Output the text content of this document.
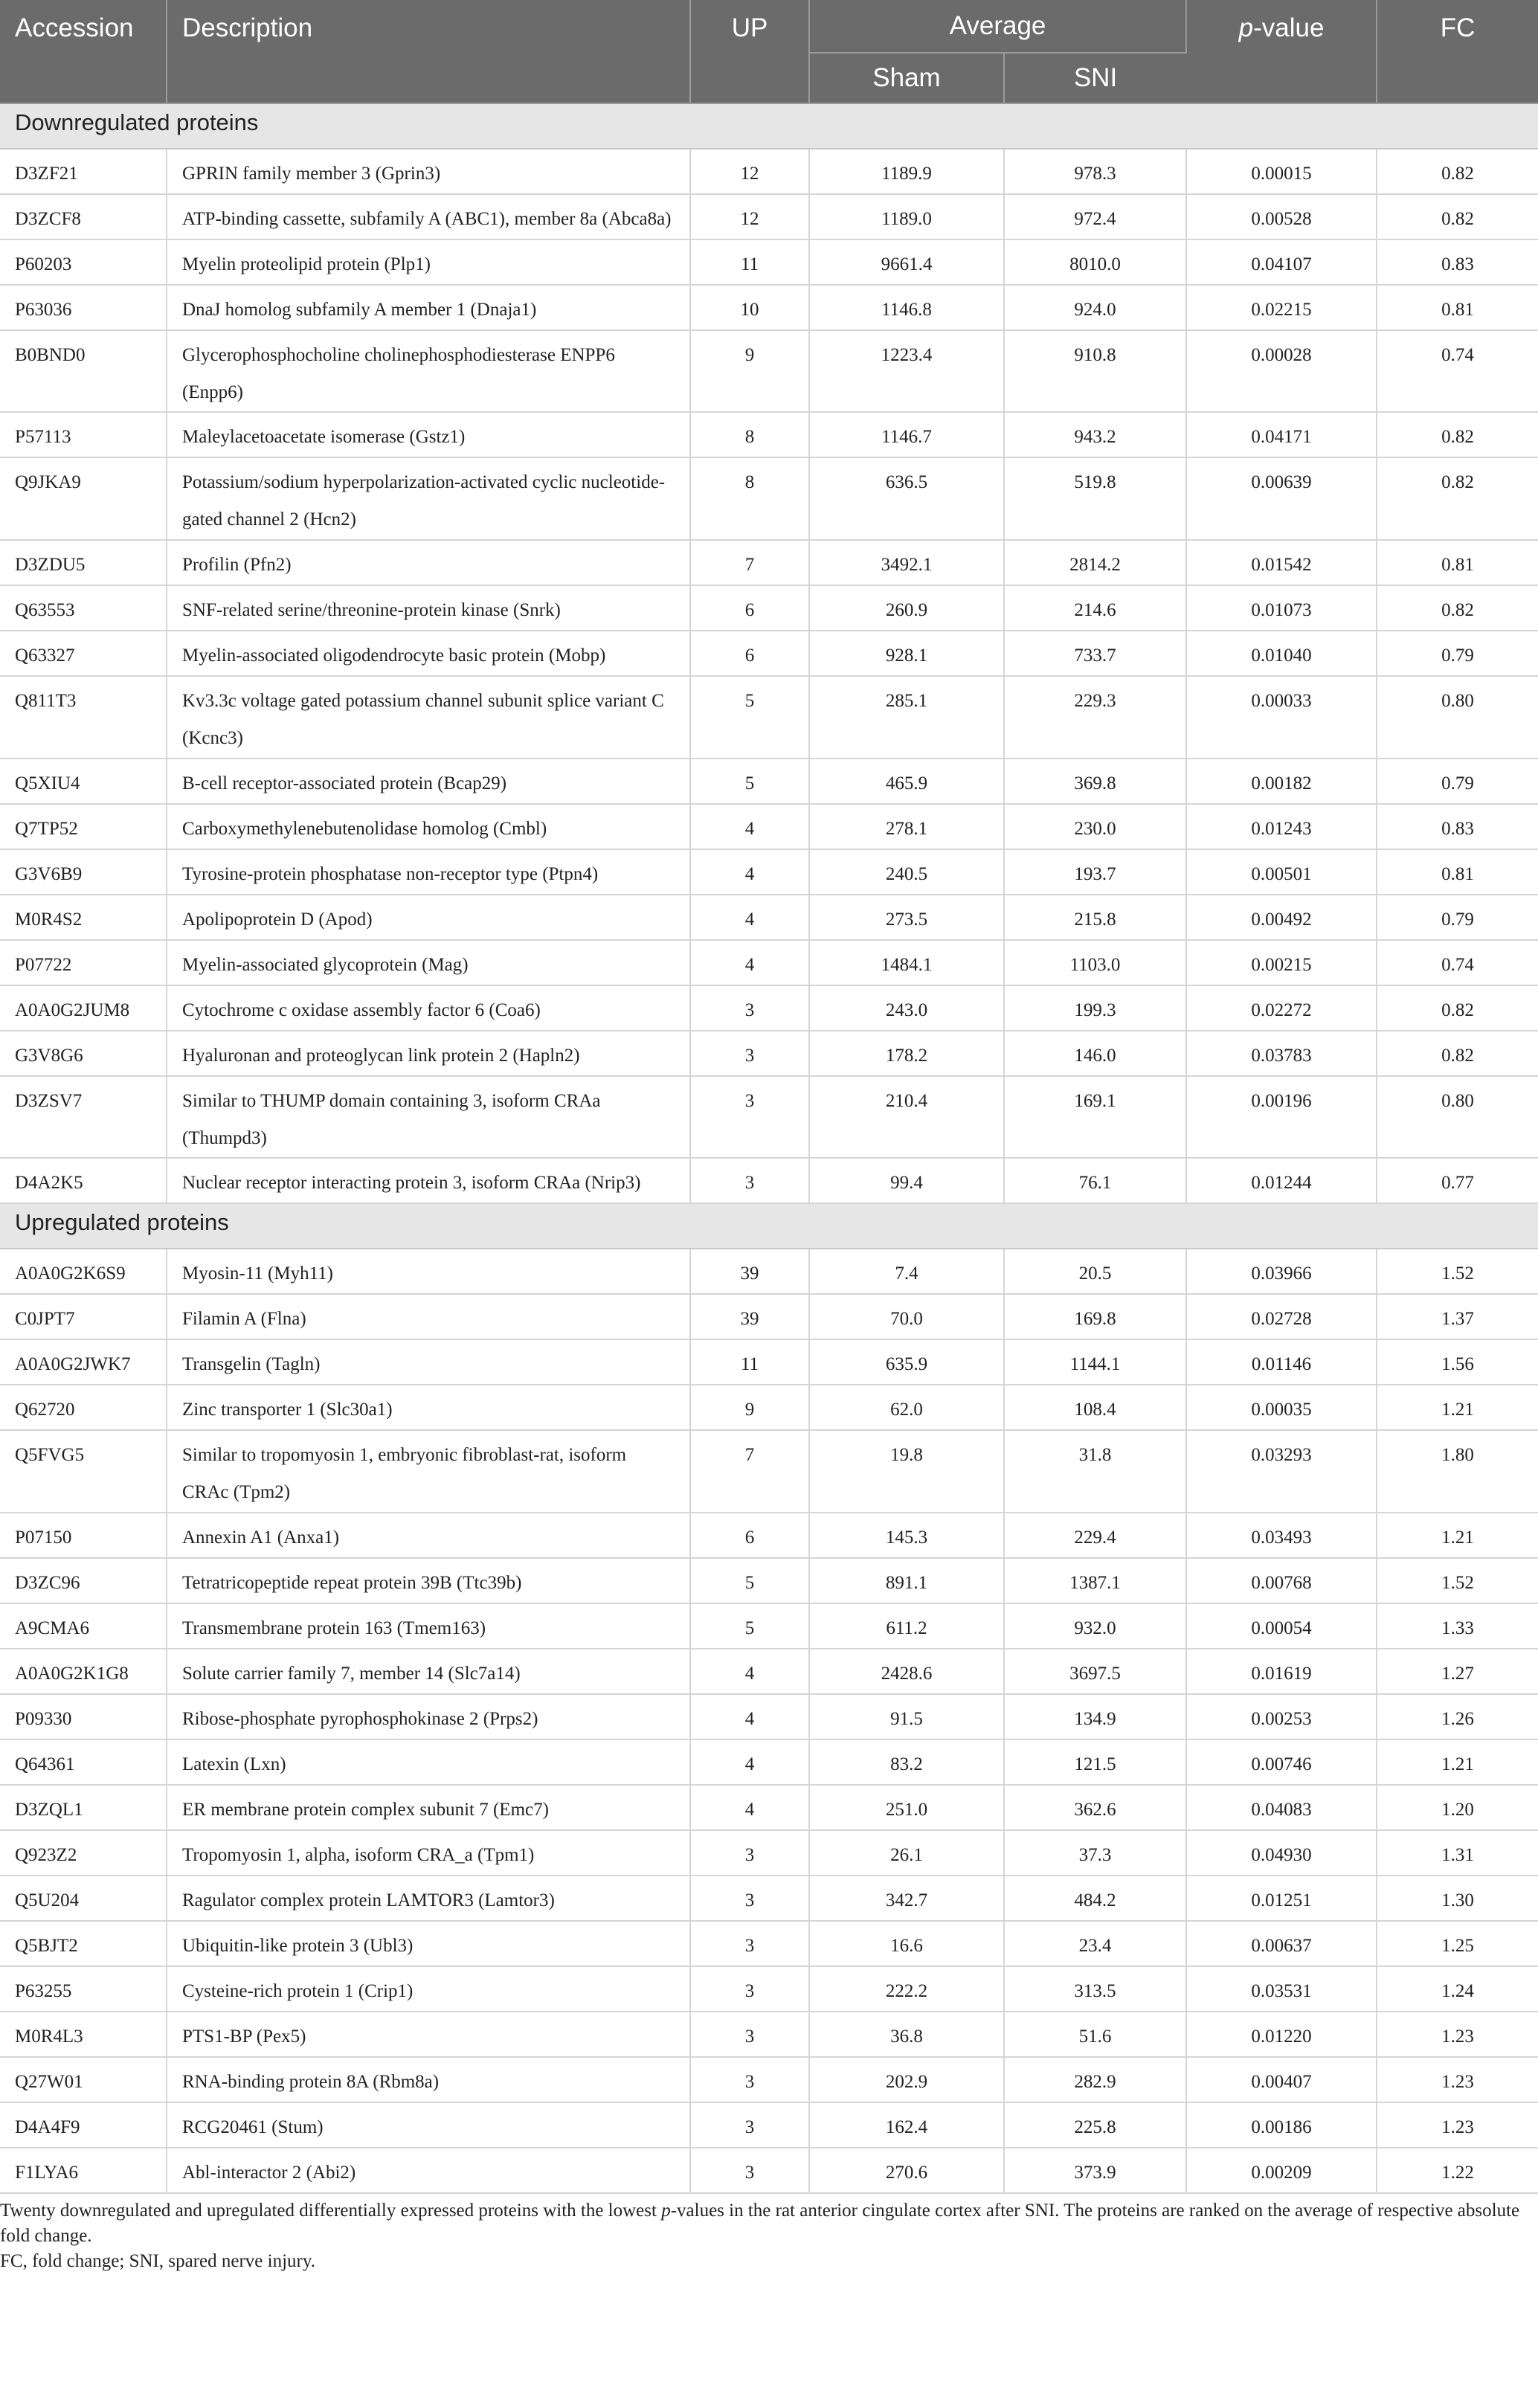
Accession	Description	UP	Average		p-value	FC
			Sham	SNI		
Downregulated proteins						
D3ZF21	GPRIN family member 3 (Gprin3)	12	1189.9	978.3	0.00015	0.82
D3ZCF8	ATP-binding cassette, subfamily A (ABC1), member 8a (Abca8a)	12	1189.0	972.4	0.00528	0.82
P60203	Myelin proteolipid protein (Plp1)	11	9661.4	8010.0	0.04107	0.83
P63036	DnaJ homolog subfamily A member 1 (Dnaja1)	10	1146.8	924.0	0.02215	0.81
B0BND0	Glycerophosphocholine cholinephosphodiesterase ENPP6 (Enpp6)	9	1223.4	910.8	0.00028	0.74
P57113	Maleylacetoacetate isomerase (Gstz1)	8	1146.7	943.2	0.04171	0.82
Q9JKA9	Potassium/sodium hyperpolarization-activated cyclic nucleotide-gated channel 2 (Hcn2)	8	636.5	519.8	0.00639	0.82
D3ZDU5	Profilin (Pfn2)	7	3492.1	2814.2	0.01542	0.81
Q63553	SNF-related serine/threonine-protein kinase (Snrk)	6	260.9	214.6	0.01073	0.82
Q63327	Myelin-associated oligodendrocyte basic protein (Mobp)	6	928.1	733.7	0.01040	0.79
Q811T3	Kv3.3c voltage gated potassium channel subunit splice variant C (Kcnc3)	5	285.1	229.3	0.00033	0.80
Q5XIU4	B-cell receptor-associated protein (Bcap29)	5	465.9	369.8	0.00182	0.79
Q7TP52	Carboxymethylenebutenolidase homolog (Cmbl)	4	278.1	230.0	0.01243	0.83
G3V6B9	Tyrosine-protein phosphatase non-receptor type (Ptpn4)	4	240.5	193.7	0.00501	0.81
M0R4S2	Apolipoprotein D (Apod)	4	273.5	215.8	0.00492	0.79
P07722	Myelin-associated glycoprotein (Mag)	4	1484.1	1103.0	0.00215	0.74
A0A0G2JUM8	Cytochrome c oxidase assembly factor 6 (Coa6)	3	243.0	199.3	0.02272	0.82
G3V8G6	Hyaluronan and proteoglycan link protein 2 (Hapln2)	3	178.2	146.0	0.03783	0.82
D3ZSV7	Similar to THUMP domain containing 3, isoform CRAa (Thumpd3)	3	210.4	169.1	0.00196	0.80
D4A2K5	Nuclear receptor interacting protein 3, isoform CRAa (Nrip3)	3	99.4	76.1	0.01244	0.77
Upregulated proteins						
A0A0G2K6S9	Myosin-11 (Myh11)	39	7.4	20.5	0.03966	1.52
C0JPT7	Filamin A (Flna)	39	70.0	169.8	0.02728	1.37
A0A0G2JWK7	Transgelin (Tagln)	11	635.9	1144.1	0.01146	1.56
Q62720	Zinc transporter 1 (Slc30a1)	9	62.0	108.4	0.00035	1.21
Q5FVG5	Similar to tropomyosin 1, embryonic fibroblast-rat, isoform CRAc (Tpm2)	7	19.8	31.8	0.03293	1.80
P07150	Annexin A1 (Anxa1)	6	145.3	229.4	0.03493	1.21
D3ZC96	Tetratricopeptide repeat protein 39B (Ttc39b)	5	891.1	1387.1	0.00768	1.52
A9CMA6	Transmembrane protein 163 (Tmem163)	5	611.2	932.0	0.00054	1.33
A0A0G2K1G8	Solute carrier family 7, member 14 (Slc7a14)	4	2428.6	3697.5	0.01619	1.27
P09330	Ribose-phosphate pyrophosphokinase 2 (Prps2)	4	91.5	134.9	0.00253	1.26
Q64361	Latexin (Lxn)	4	83.2	121.5	0.00746	1.21
D3ZQL1	ER membrane protein complex subunit 7 (Emc7)	4	251.0	362.6	0.04083	1.20
Q923Z2	Tropomyosin 1, alpha, isoform CRA_a (Tpm1)	3	26.1	37.3	0.04930	1.31
Q5U204	Ragulator complex protein LAMTOR3 (Lamtor3)	3	342.7	484.2	0.01251	1.30
Q5BJT2	Ubiquitin-like protein 3 (Ubl3)	3	16.6	23.4	0.00637	1.25
P63255	Cysteine-rich protein 1 (Crip1)	3	222.2	313.5	0.03531	1.24
M0R4L3	PTS1-BP (Pex5)	3	36.8	51.6	0.01220	1.23
Q27W01	RNA-binding protein 8A (Rbm8a)	3	202.9	282.9	0.00407	1.23
D4A4F9	RCG20461 (Stum)	3	162.4	225.8	0.00186	1.23
F1LYA6	Abl-interactor 2 (Abi2)	3	270.6	373.9	0.00209	1.22

Twenty downregulated and upregulated differentially expressed proteins with the lowest p-values in the rat anterior cingulate cortex after SNI. The proteins are ranked on the average of respective absolute fold change.

FC, fold change; SNI, spared nerve injury.
